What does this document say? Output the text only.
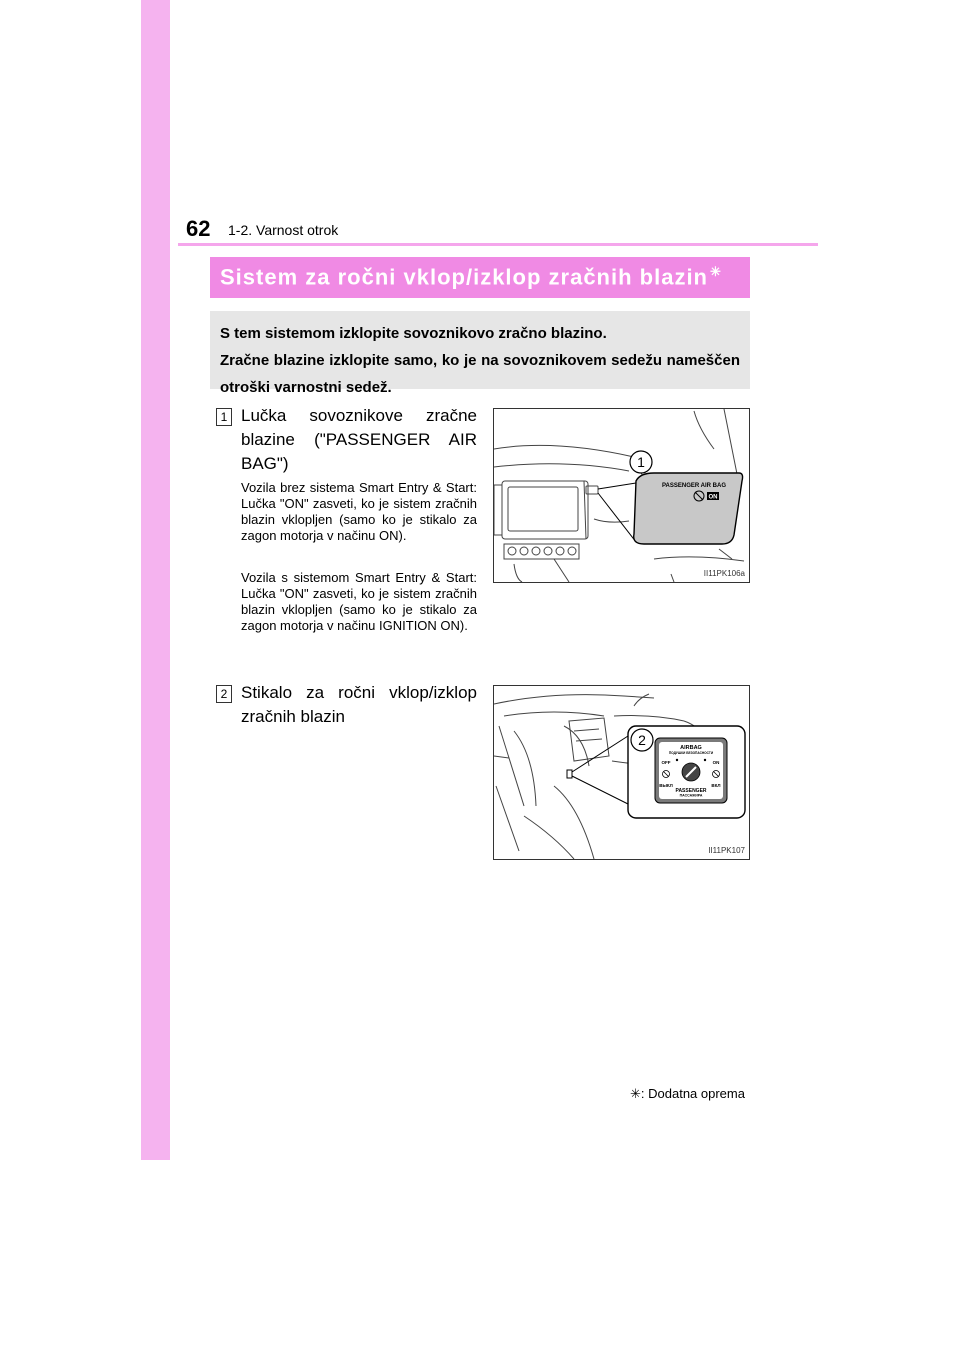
62 1-2. Varnost otrok
Sistem za ročni vklop/izklop zračnih blazin ✳

S tem sistemom izklopite sovoznikovo zračno blazino.

Zračne blazine izklopite samo, ko je na sovoznikovem sedežu nameščen otroški varnostni sedež.

1 Lučka sovoznikove zračne blazine ("PASSENGER AIR BAG")

Vozila brez sistema Smart Entry & Start: Lučka "ON" zasveti, ko je sistem zračnih blazin vklopljen (samo ko je stikalo za zagon motorja v načinu ON).

Vozila s sistemom Smart Entry & Start: Lučka "ON" zasveti, ko je sistem zračnih blazin vklopljen (samo ko je stikalo za zagon motorja v načinu IGNITION ON).

1
PASSENGER AIR BAG
ON
II11PK106a
2 Stikalo za ročni vklop/izklop zračnih blazin
2	AIRBAG
ПОДУШКИ БЕЗОПАСНОСТИ
OFF	ON
ВЫКЛ	ВКЛ
PASSENGER
ПАССАЖИРА
II11PK107
✳: Dodatna oprema
